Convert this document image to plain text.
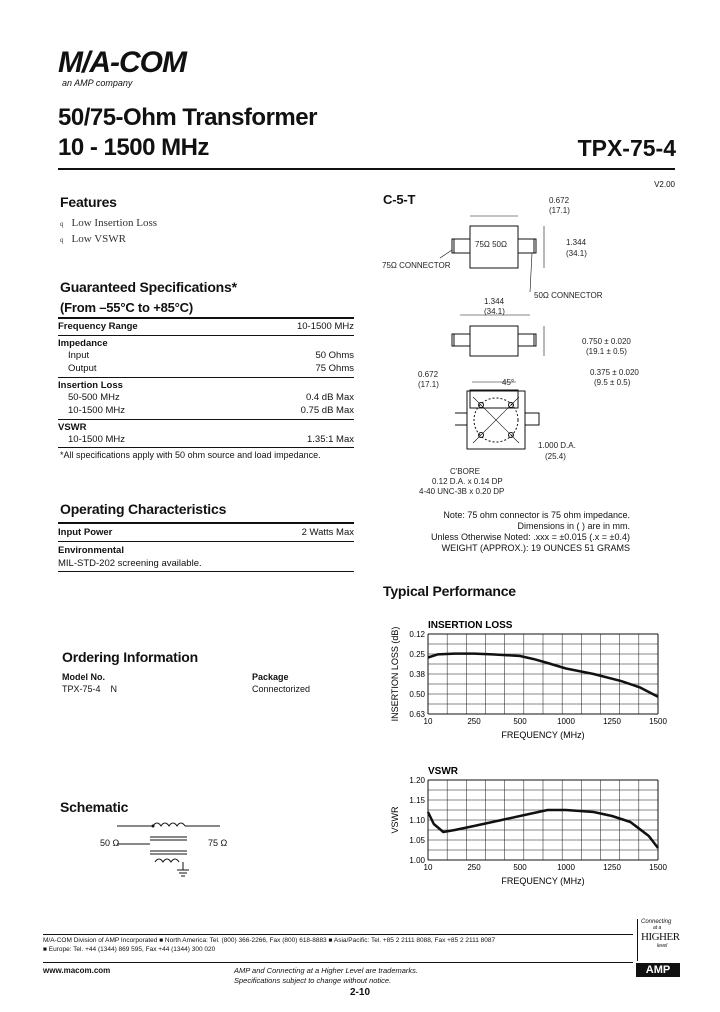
M/A-COM
an AMP company
50/75-Ohm Transformer
10 - 1500 MHz	TPX-75-4
V2.00
Features
q Low Insertion Loss
q Low VSWR
Guaranteed Specifications*
(From –55°C to +85°C)
Frequency Range	10-1500 MHz
Impedance
Input	50 Ohms
Output	75 Ohms
Insertion Loss
50-500 MHz	0.4 dB Max
10-1500 MHz	0.75 dB Max
VSWR
10-1500 MHz	1.35:1 Max
*All specifications apply with 50 ohm source and load impedance.
Operating Characteristics
Input Power	2 Watts Max
Environmental
MIL-STD-202 screening available.
Ordering Information
Model No.	Package
TPX-75-4    N	Connectorized
Schematic
50 Ω	75 Ω
C-5-T	0.672
(17.1)
75Ω 50Ω	1.344
(34.1)
75Ω CONNECTOR
50Ω CONNECTOR
1.344
(34.1)
0.750 ± 0.020
(19.1 ± 0.5)
0.375 ± 0.020
(9.5 ± 0.5)
0.672
(17.1)	45°
1.000 D.A.
(25.4)
C'BORE
0.12 D.A. x 0.14 DP
4-40 UNC-3B x 0.20 DP
Note: 75 ohm connector is 75 ohm impedance.
Dimensions in ( ) are in mm.
Unless Otherwise Noted: .xxx = ±0.015 (.x = ±0.4)
WEIGHT (APPROX.): 19 OUNCES 51 GRAMS
Typical Performance
INSERTION LOSS
0.12
0.25
0.38
0.50
0.63
10	250	500	1000	1250	1500
FREQUENCY (MHz)
INSERTION LOSS (dB)
VSWR
1.20
1.15
1.10
1.05
1.00
10	250	500	1000	1250	1500
FREQUENCY (MHz)
VSWR
M/A-COM Division of AMP Incorporated ■ North America: Tel. (800) 366-2266, Fax (800) 618-8883 ■ Asia/Pacific: Tel. +85 2 2111 8088, Fax +85 2 2111 8087
■ Europe: Tel. +44 (1344) 869 595, Fax +44 (1344) 300 020
www.macom.com	AMP and Connecting at a Higher Level are trademarks.
Specifications subject to change without notice.
2-10
Connecting
at a
HIGHER
level
AMP
